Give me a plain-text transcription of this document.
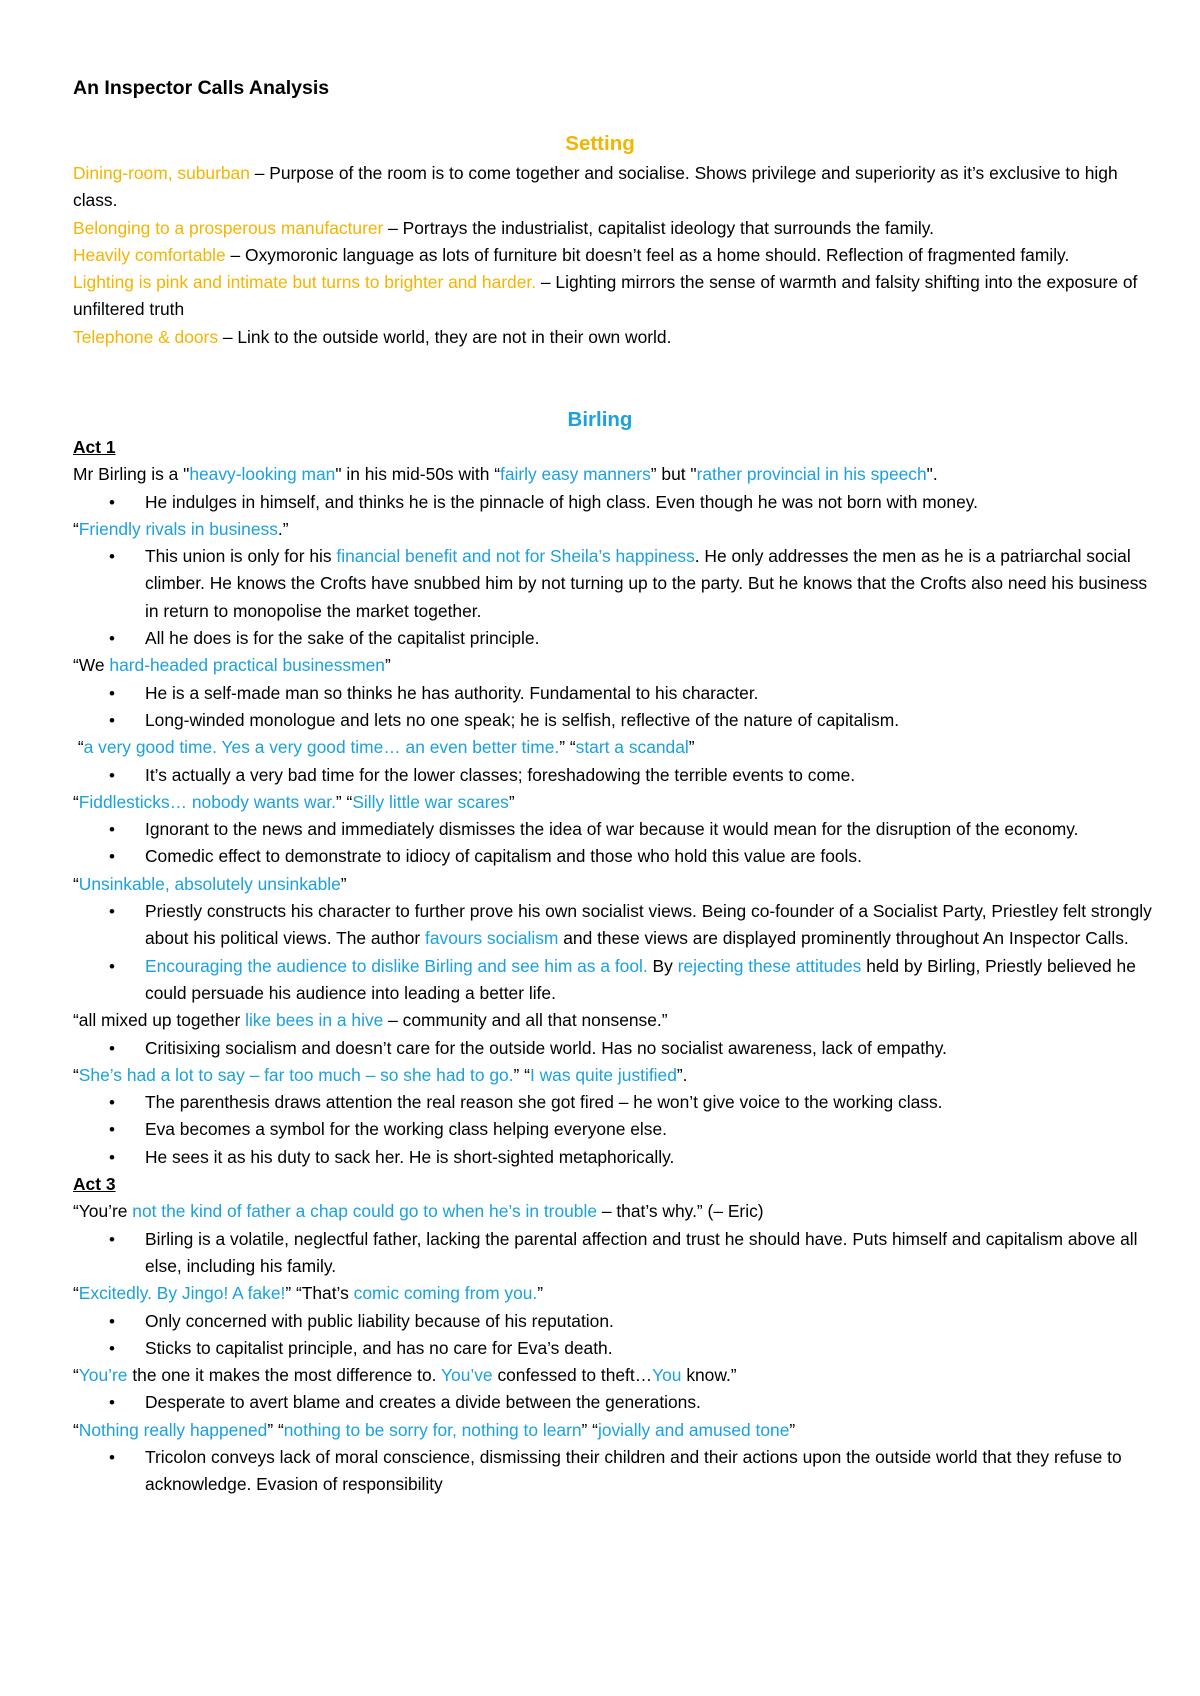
An Inspector Calls Analysis
Setting

Dining-room, suburban – Purpose of the room is to come together and socialise. Shows privilege and superiority as it’s exclusive to high class.

Belonging to a prosperous manufacturer – Portrays the industrialist, capitalist ideology that surrounds the family.

Heavily comfortable – Oxymoronic language as lots of furniture bit doesn’t feel as a home should. Reflection of fragmented family.

Lighting is pink and intimate but turns to brighter and harder. – Lighting mirrors the sense of warmth and falsity shifting into the exposure of unfiltered truth

Telephone & doors – Link to the outside world, they are not in their own world.

Birling

Act 1

Mr Birling is a "heavy-looking man" in his mid-50s with “fairly easy manners” but "rather provincial in his speech".

• He indulges in himself, and thinks he is the pinnacle of high class. Even though he was not born with money.

“Friendly rivals in business.”

• This union is only for his financial benefit and not for Sheila’s happiness. He only addresses the men as he is a patriarchal social climber. He knows the Crofts have snubbed him by not turning up to the party. But he knows that the Crofts also need his business in return to monopolise the market together.
• All he does is for the sake of the capitalist principle.

“We hard-headed practical businessmen”

• He is a self-made man so thinks he has authority. Fundamental to his character.
• Long-winded monologue and lets no one speak; he is selfish, reflective of the nature of capitalism.

“a very good time. Yes a very good time… an even better time.” “start a scandal”

• It’s actually a very bad time for the lower classes; foreshadowing the terrible events to come.

“Fiddlesticks… nobody wants war.” “Silly little war scares”

• Ignorant to the news and immediately dismisses the idea of war because it would mean for the disruption of the economy.
• Comedic effect to demonstrate to idiocy of capitalism and those who hold this value are fools.

“Unsinkable, absolutely unsinkable”

• Priestly constructs his character to further prove his own socialist views. Being co-founder of a Socialist Party, Priestley felt strongly about his political views. The author favours socialism and these views are displayed prominently throughout An Inspector Calls.
• Encouraging the audience to dislike Birling and see him as a fool. By rejecting these attitudes held by Birling, Priestly believed he could persuade his audience into leading a better life.

“all mixed up together like bees in a hive – community and all that nonsense.”

• Critisixing socialism and doesn’t care for the outside world. Has no socialist awareness, lack of empathy.

“She’s had a lot to say – far too much – so she had to go.” “I was quite justified”.

• The parenthesis draws attention the real reason she got fired – he won’t give voice to the working class.
• Eva becomes a symbol for the working class helping everyone else.
• He sees it as his duty to sack her. He is short-sighted metaphorically.

Act 3

“You’re not the kind of father a chap could go to when he’s in trouble – that’s why.” (– Eric)

• Birling is a volatile, neglectful father, lacking the parental affection and trust he should have. Puts himself and capitalism above all else, including his family.

“Excitedly. By Jingo! A fake!” “That’s comic coming from you.”

• Only concerned with public liability because of his reputation.
• Sticks to capitalist principle, and has no care for Eva’s death.

“You’re the one it makes the most difference to. You’ve confessed to theft…You know.”

• Desperate to avert blame and creates a divide between the generations.

“Nothing really happened” “nothing to be sorry for, nothing to learn” “jovially and amused tone”

• Tricolon conveys lack of moral conscience, dismissing their children and their actions upon the outside world that they refuse to acknowledge. Evasion of responsibility
